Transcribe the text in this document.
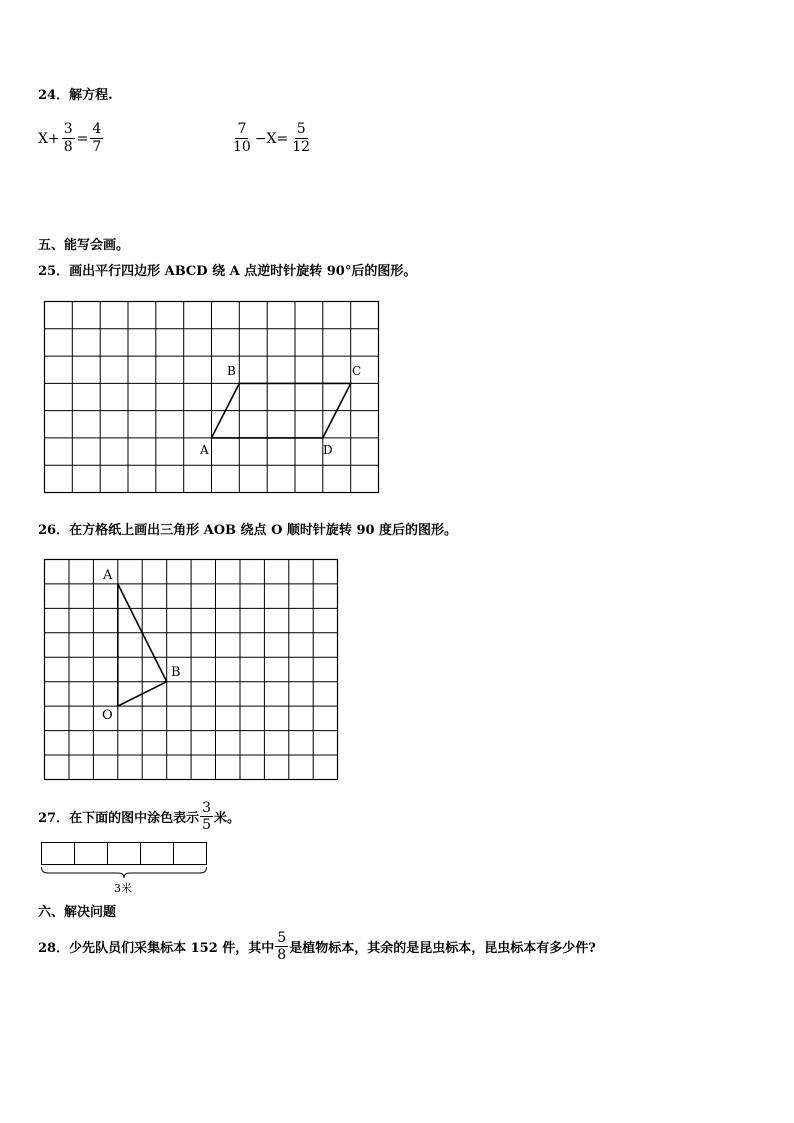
24．解方程.
$X+ \frac{3}{8} = \frac{4}{7}$	$\frac{7}{10} -X= \frac{5}{12}$
五、能写会画。
25．画出平行四边形 ABCD 绕 A 点逆时针旋转 90°后的图形。
B	C
A	D
26．在方格纸上画出三角形 AOB 绕点 O 顺时针旋转 90 度后的图形。
A
B
O
27．在下面的图中涂色表示 $\frac{3}{5}$ 米。
3米
六、解决问题
28．少先队员们采集标本 152 件，其中 $\frac{5}{8}$ 是植物标本，其余的是昆虫标本，昆虫标本有多少件?
